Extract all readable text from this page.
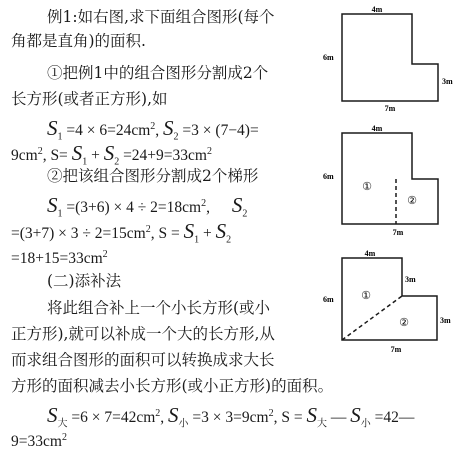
例1:如右图,求下面组合图形(每个
角都是直角)的面积.
①把例1中的组合图形分割成2个
长方形(或者正方形),如
$S_1 =4 \times 6=24cm^2$, $S_2 =3 \times (7-4)=$
$9cm^2$, $S= S_1 + S_2 =24+9=33cm^2$
②把该组合图形分割成2个梯形
$S_1 =(3+6) \times 4 \div 2=18cm^2$, $S_2$
$=(3+7) \times 3 \div 2=15cm^2$, $S = S_1 + S_2$
$=18+15=33cm^2$
(二)添补法
将此组合补上一个小长方形(或小
正方形),就可以补成一个大的长方形,从
而求组合图形的面积可以转换成求大长
方形的面积减去小长方形(或小正方形)的面积。
$S_大 =6 \times 7=42cm^2$, $S_小 =3 \times 3=9cm^2$, $S = S_大$ — $S_小$ =42—
$9=33cm^2$
4m
6m
3m
7m
4m
6m
7m
①
②
4m
6m
3m
3m
7m
①
②
